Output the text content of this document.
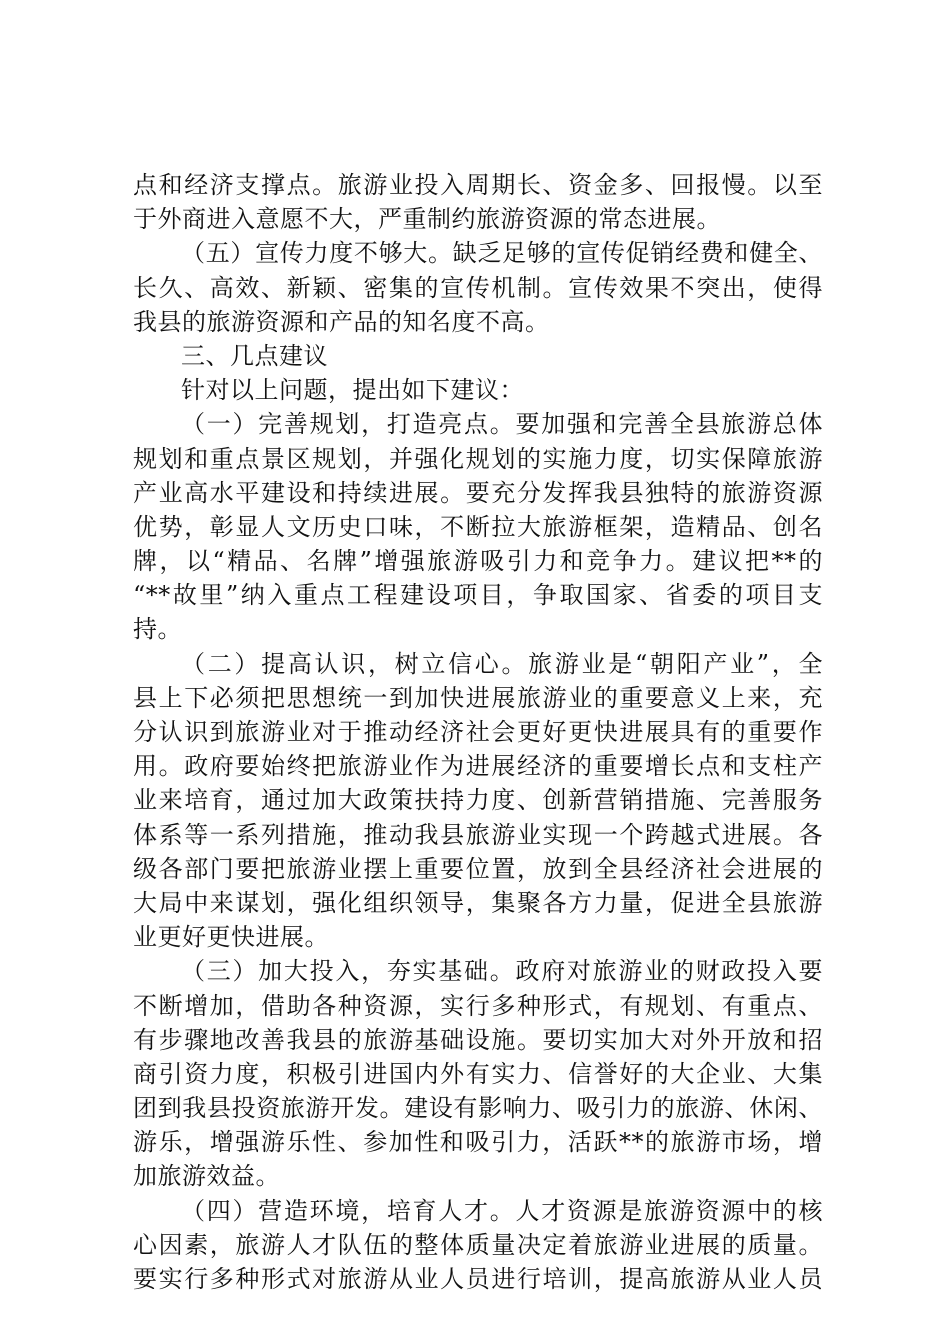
点和经济支撑点。旅游业投入周期长、资金多、回报慢。以至
于外商进入意愿不大，严重制约旅游资源的常态进展。
（五）宣传力度不够大。缺乏足够的宣传促销经费和健全、
长久、高效、新颖、密集的宣传机制。宣传效果不突出，使得
我县的旅游资源和产品的知名度不高。
三、几点建议
针对以上问题，提出如下建议：
（一）完善规划，打造亮点。要加强和完善全县旅游总体
规划和重点景区规划，并强化规划的实施力度，切实保障旅游
产业高水平建设和持续进展。要充分发挥我县独特的旅游资源
优势，彰显人文历史口味，不断拉大旅游框架，造精品、创名
牌，以“精品、名牌”增强旅游吸引力和竞争力。建议把**的
“**故里”纳入重点工程建设项目，争取国家、省委的项目支
持。
（二）提高认识，树立信心。旅游业是“朝阳产业”，全
县上下必须把思想统一到加快进展旅游业的重要意义上来，充
分认识到旅游业对于推动经济社会更好更快进展具有的重要作
用。政府要始终把旅游业作为进展经济的重要增长点和支柱产
业来培育，通过加大政策扶持力度、创新营销措施、完善服务
体系等一系列措施，推动我县旅游业实现一个跨越式进展。各
级各部门要把旅游业摆上重要位置，放到全县经济社会进展的
大局中来谋划，强化组织领导，集聚各方力量，促进全县旅游
业更好更快进展。
（三）加大投入，夯实基础。政府对旅游业的财政投入要
不断增加，借助各种资源，实行多种形式，有规划、有重点、
有步骤地改善我县的旅游基础设施。要切实加大对外开放和招
商引资力度，积极引进国内外有实力、信誉好的大企业、大集
团到我县投资旅游开发。建设有影响力、吸引力的旅游、休闲、
游乐，增强游乐性、参加性和吸引力，活跃**的旅游市场，增
加旅游效益。
（四）营造环境，培育人才。人才资源是旅游资源中的核
心因素，旅游人才队伍的整体质量决定着旅游业进展的质量。
要实行多种形式对旅游从业人员进行培训，提高旅游从业人员
